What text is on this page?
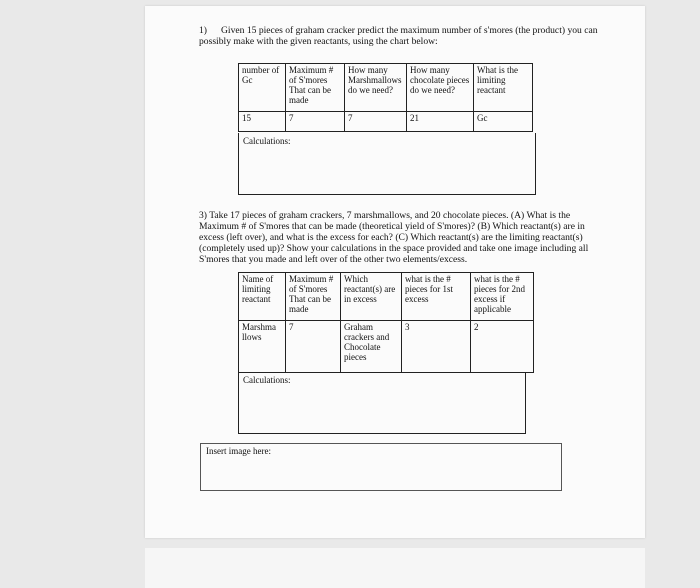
1) Given 15 pieces of graham cracker predict the maximum number of s'mores (the product) you can possibly make with the given reactants, using the chart below:
number of Gc	Maximum # of S'mores That can be made	How many Marshmallows do we need?	How many chocolate pieces do we need?	What is the limiting reactant
15	7	7	21	Gc
Calculations:
3) Take 17 pieces of graham crackers, 7 marshmallows, and 20 chocolate pieces. (A) What is the Maximum # of S'mores that can be made (theoretical yield of S'mores)? (B) Which reactant(s) are in excess (left over), and what is the excess for each? (C) Which reactant(s) are the limiting reactant(s) (completely used up)? Show your calculations in the space provided and take one image including all S'mores that you made and left over of the other two elements/excess.
Name of limiting reactant	Maximum # of S'mores That can be made	Which reactant(s) are in excess	what is the # pieces for 1st excess	what is the # pieces for 2nd excess if applicable
Marshma llows	7	Graham crackers and Chocolate pieces	3	2
Calculations:
Insert image here:
